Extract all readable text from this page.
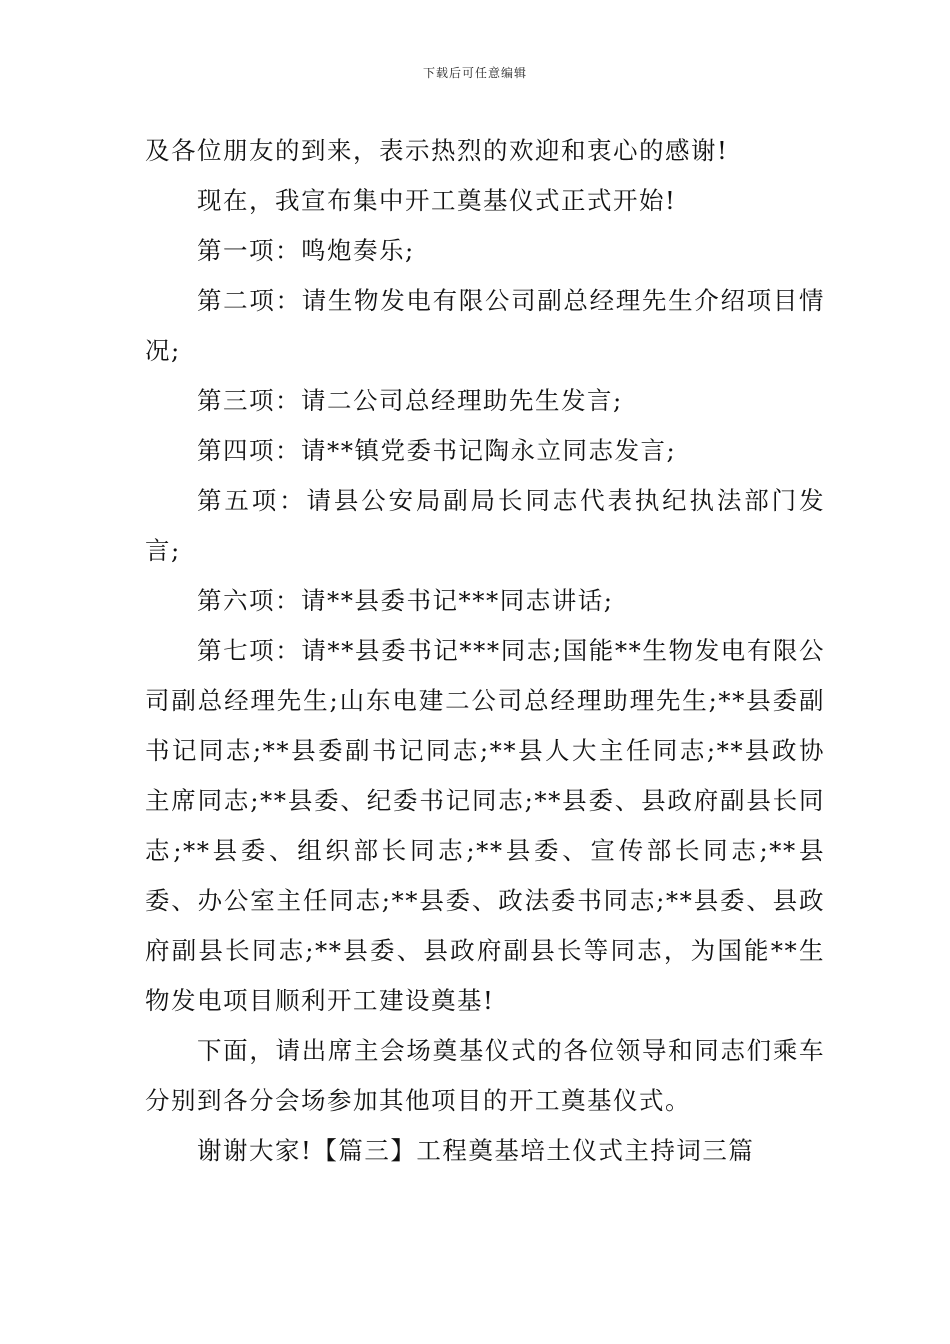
下载后可任意编辑

及各位朋友的到来，表示热烈的欢迎和衷心的感谢!

现在，我宣布集中开工奠基仪式正式开始!

第一项：鸣炮奏乐;

第二项：请生物发电有限公司副总经理先生介绍项目情况;

第三项：请二公司总经理助先生发言;

第四项：请**镇党委书记陶永立同志发言;

第五项：请县公安局副局长同志代表执纪执法部门发言;

第六项：请**县委书记***同志讲话;

第七项：请**县委书记***同志;国能**生物发电有限公司副总经理先生;山东电建二公司总经理助理先生;**县委副书记同志;**县委副书记同志;**县人大主任同志;**县政协主席同志;**县委、纪委书记同志;**县委、县政府副县长同志;**县委、组织部长同志;**县委、宣传部长同志;**县委、办公室主任同志;**县委、政法委书同志;**县委、县政府副县长同志;**县委、县政府副县长等同志，为国能**生物发电项目顺利开工建设奠基!

下面，请出席主会场奠基仪式的各位领导和同志们乘车分别到各分会场参加其他项目的开工奠基仪式。

谢谢大家!【篇三】工程奠基培土仪式主持词三篇
